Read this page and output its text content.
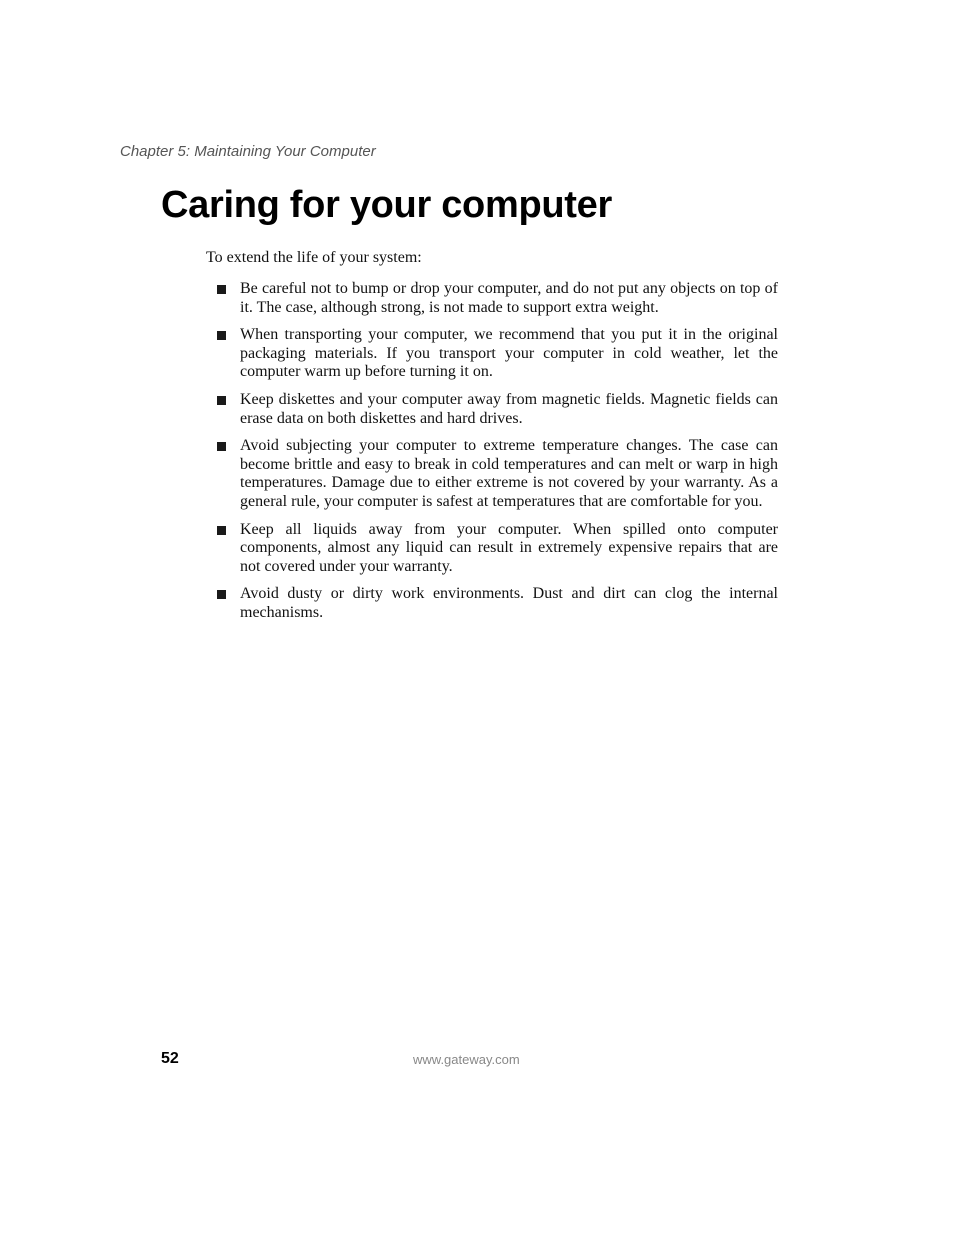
Chapter 5: Maintaining Your Computer
Caring for your computer

To extend the life of your system:

Be careful not to bump or drop your computer, and do not put any objects on top of it. The case, although strong, is not made to support extra weight.
When transporting your computer, we recommend that you put it in the original packaging materials. If you transport your computer in cold weather, let the computer warm up before turning it on.
Keep diskettes and your computer away from magnetic fields. Magnetic fields can erase data on both diskettes and hard drives.
Avoid subjecting your computer to extreme temperature changes. The case can become brittle and easy to break in cold temperatures and can melt or warp in high temperatures. Damage due to either extreme is not covered by your warranty. As a general rule, your computer is safest at temperatures that are comfortable for you.
Keep all liquids away from your computer. When spilled onto computer components, almost any liquid can result in extremely expensive repairs that are not covered under your warranty.
Avoid dusty or dirty work environments. Dust and dirt can clog the internal mechanisms.
52	www.gateway.com
